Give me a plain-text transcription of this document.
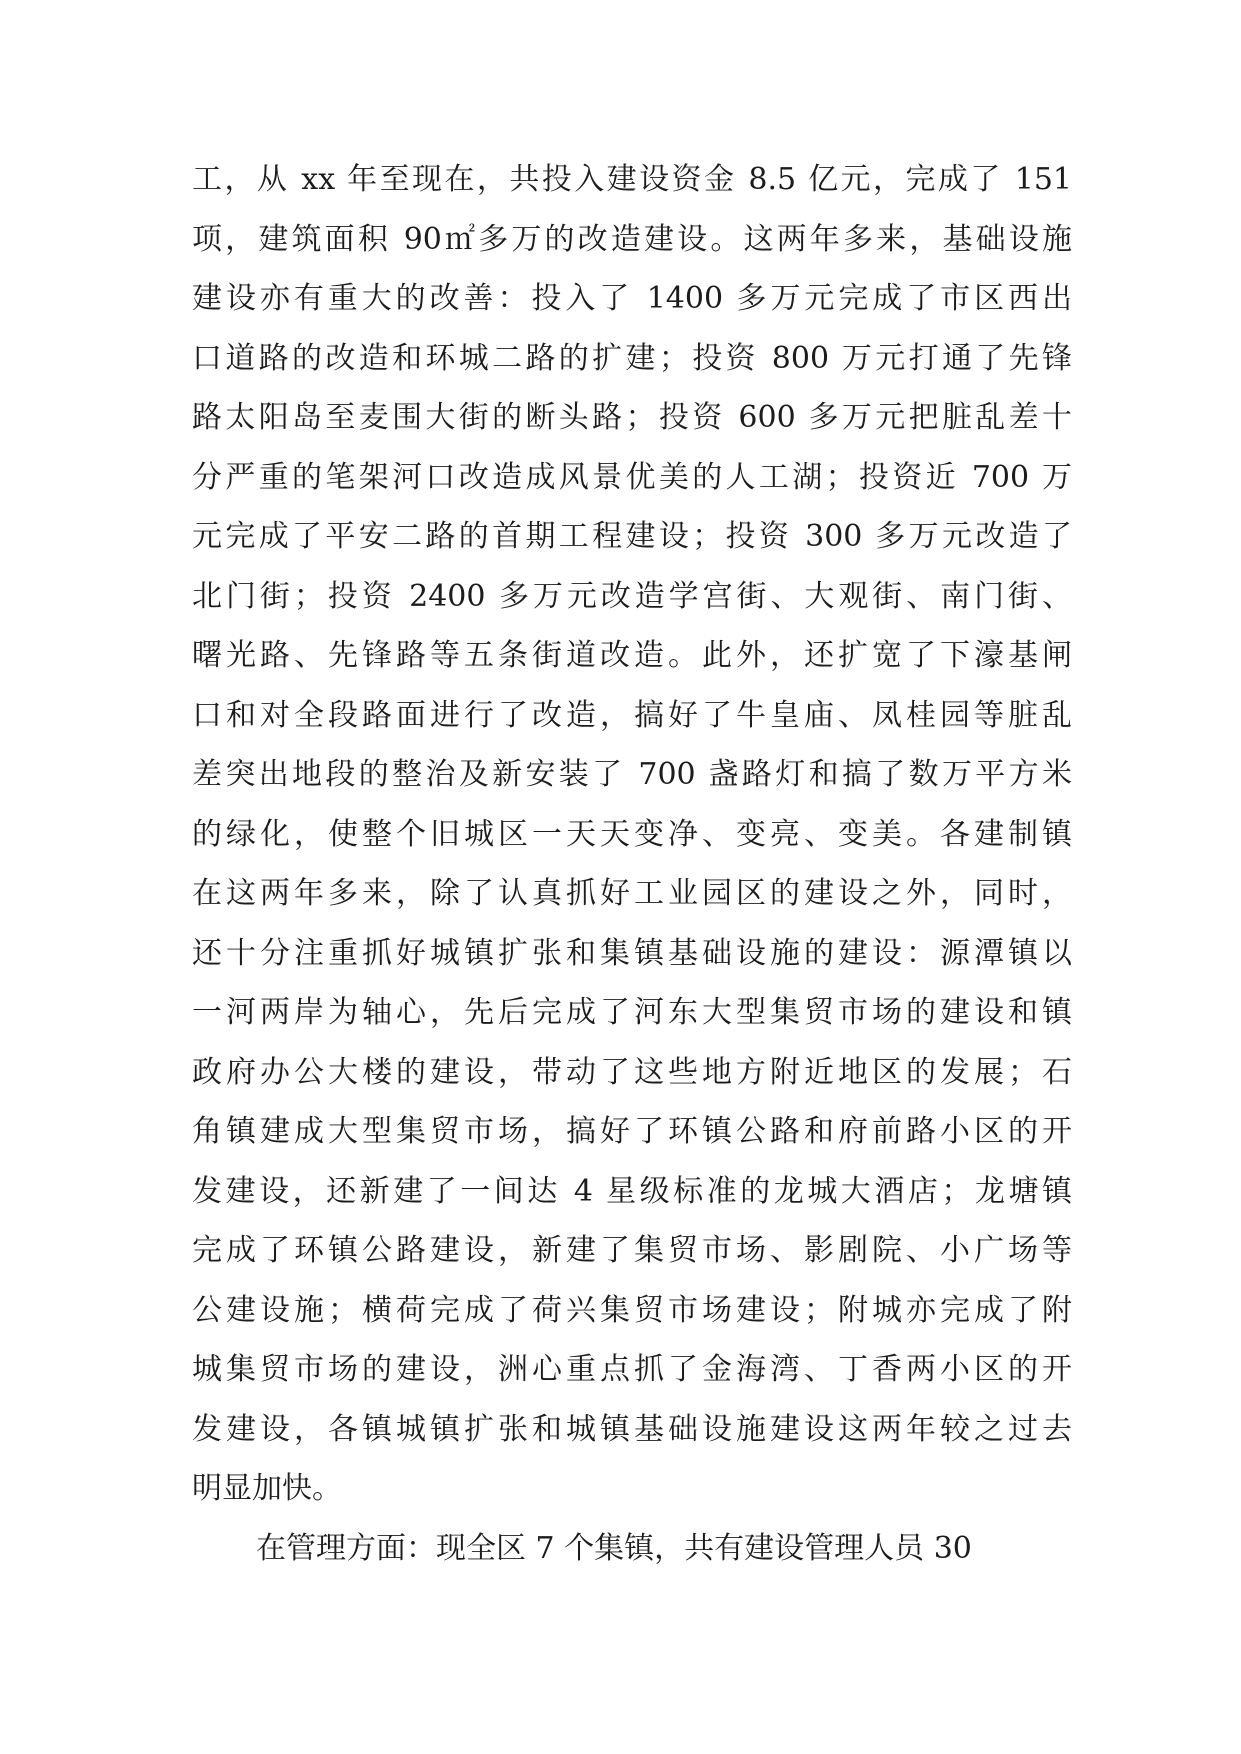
工，从 xx 年至现在，共投入建设资金 8.5 亿元，完成了 151
项，建筑面积 90㎡多万的改造建设。这两年多来，基础设施
建设亦有重大的改善：投入了 1400 多万元完成了市区西出
口道路的改造和环城二路的扩建；投资 800 万元打通了先锋
路太阳岛至麦围大街的断头路；投资 600 多万元把脏乱差十
分严重的笔架河口改造成风景优美的人工湖；投资近 700 万
元完成了平安二路的首期工程建设；投资 300 多万元改造了
北门街；投资 2400 多万元改造学宫街、大观街、南门街、
曙光路、先锋路等五条街道改造。此外，还扩宽了下濠基闸
口和对全段路面进行了改造，搞好了牛皇庙、凤桂园等脏乱
差突出地段的整治及新安装了 700 盏路灯和搞了数万平方米
的绿化，使整个旧城区一天天变净、变亮、变美。各建制镇
在这两年多来，除了认真抓好工业园区的建设之外，同时，
还十分注重抓好城镇扩张和集镇基础设施的建设：源潭镇以
一河两岸为轴心，先后完成了河东大型集贸市场的建设和镇
政府办公大楼的建设，带动了这些地方附近地区的发展；石
角镇建成大型集贸市场，搞好了环镇公路和府前路小区的开
发建设，还新建了一间达 4 星级标准的龙城大酒店；龙塘镇
完成了环镇公路建设，新建了集贸市场、影剧院、小广场等
公建设施；横荷完成了荷兴集贸市场建设；附城亦完成了附
城集贸市场的建设，洲心重点抓了金海湾、丁香两小区的开
发建设，各镇城镇扩张和城镇基础设施建设这两年较之过去
明显加快。
在管理方面：现全区 7 个集镇，共有建设管理人员 30
